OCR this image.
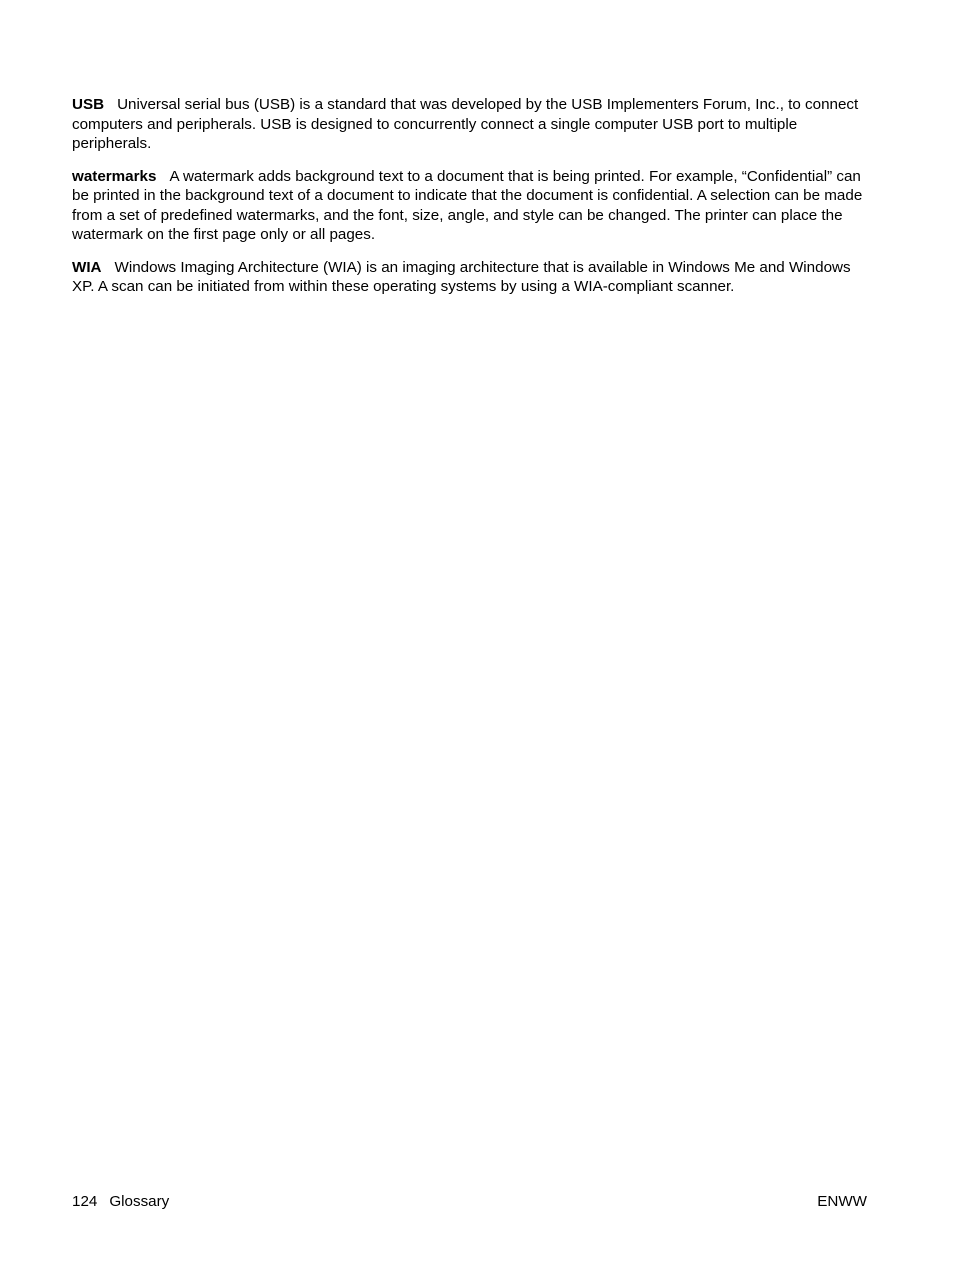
USB Universal serial bus (USB) is a standard that was developed by the USB Implementers Forum, Inc., to connect computers and peripherals. USB is designed to concurrently connect a single computer USB port to multiple peripherals.

watermarks A watermark adds background text to a document that is being printed. For example, “Confidential” can be printed in the background text of a document to indicate that the document is confidential. A selection can be made from a set of predefined watermarks, and the font, size, angle, and style can be changed. The printer can place the watermark on the first page only or all pages.

WIA Windows Imaging Architecture (WIA) is an imaging architecture that is available in Windows Me and Windows XP. A scan can be initiated from within these operating systems by using a WIA-compliant scanner.

124 Glossary	ENWW
